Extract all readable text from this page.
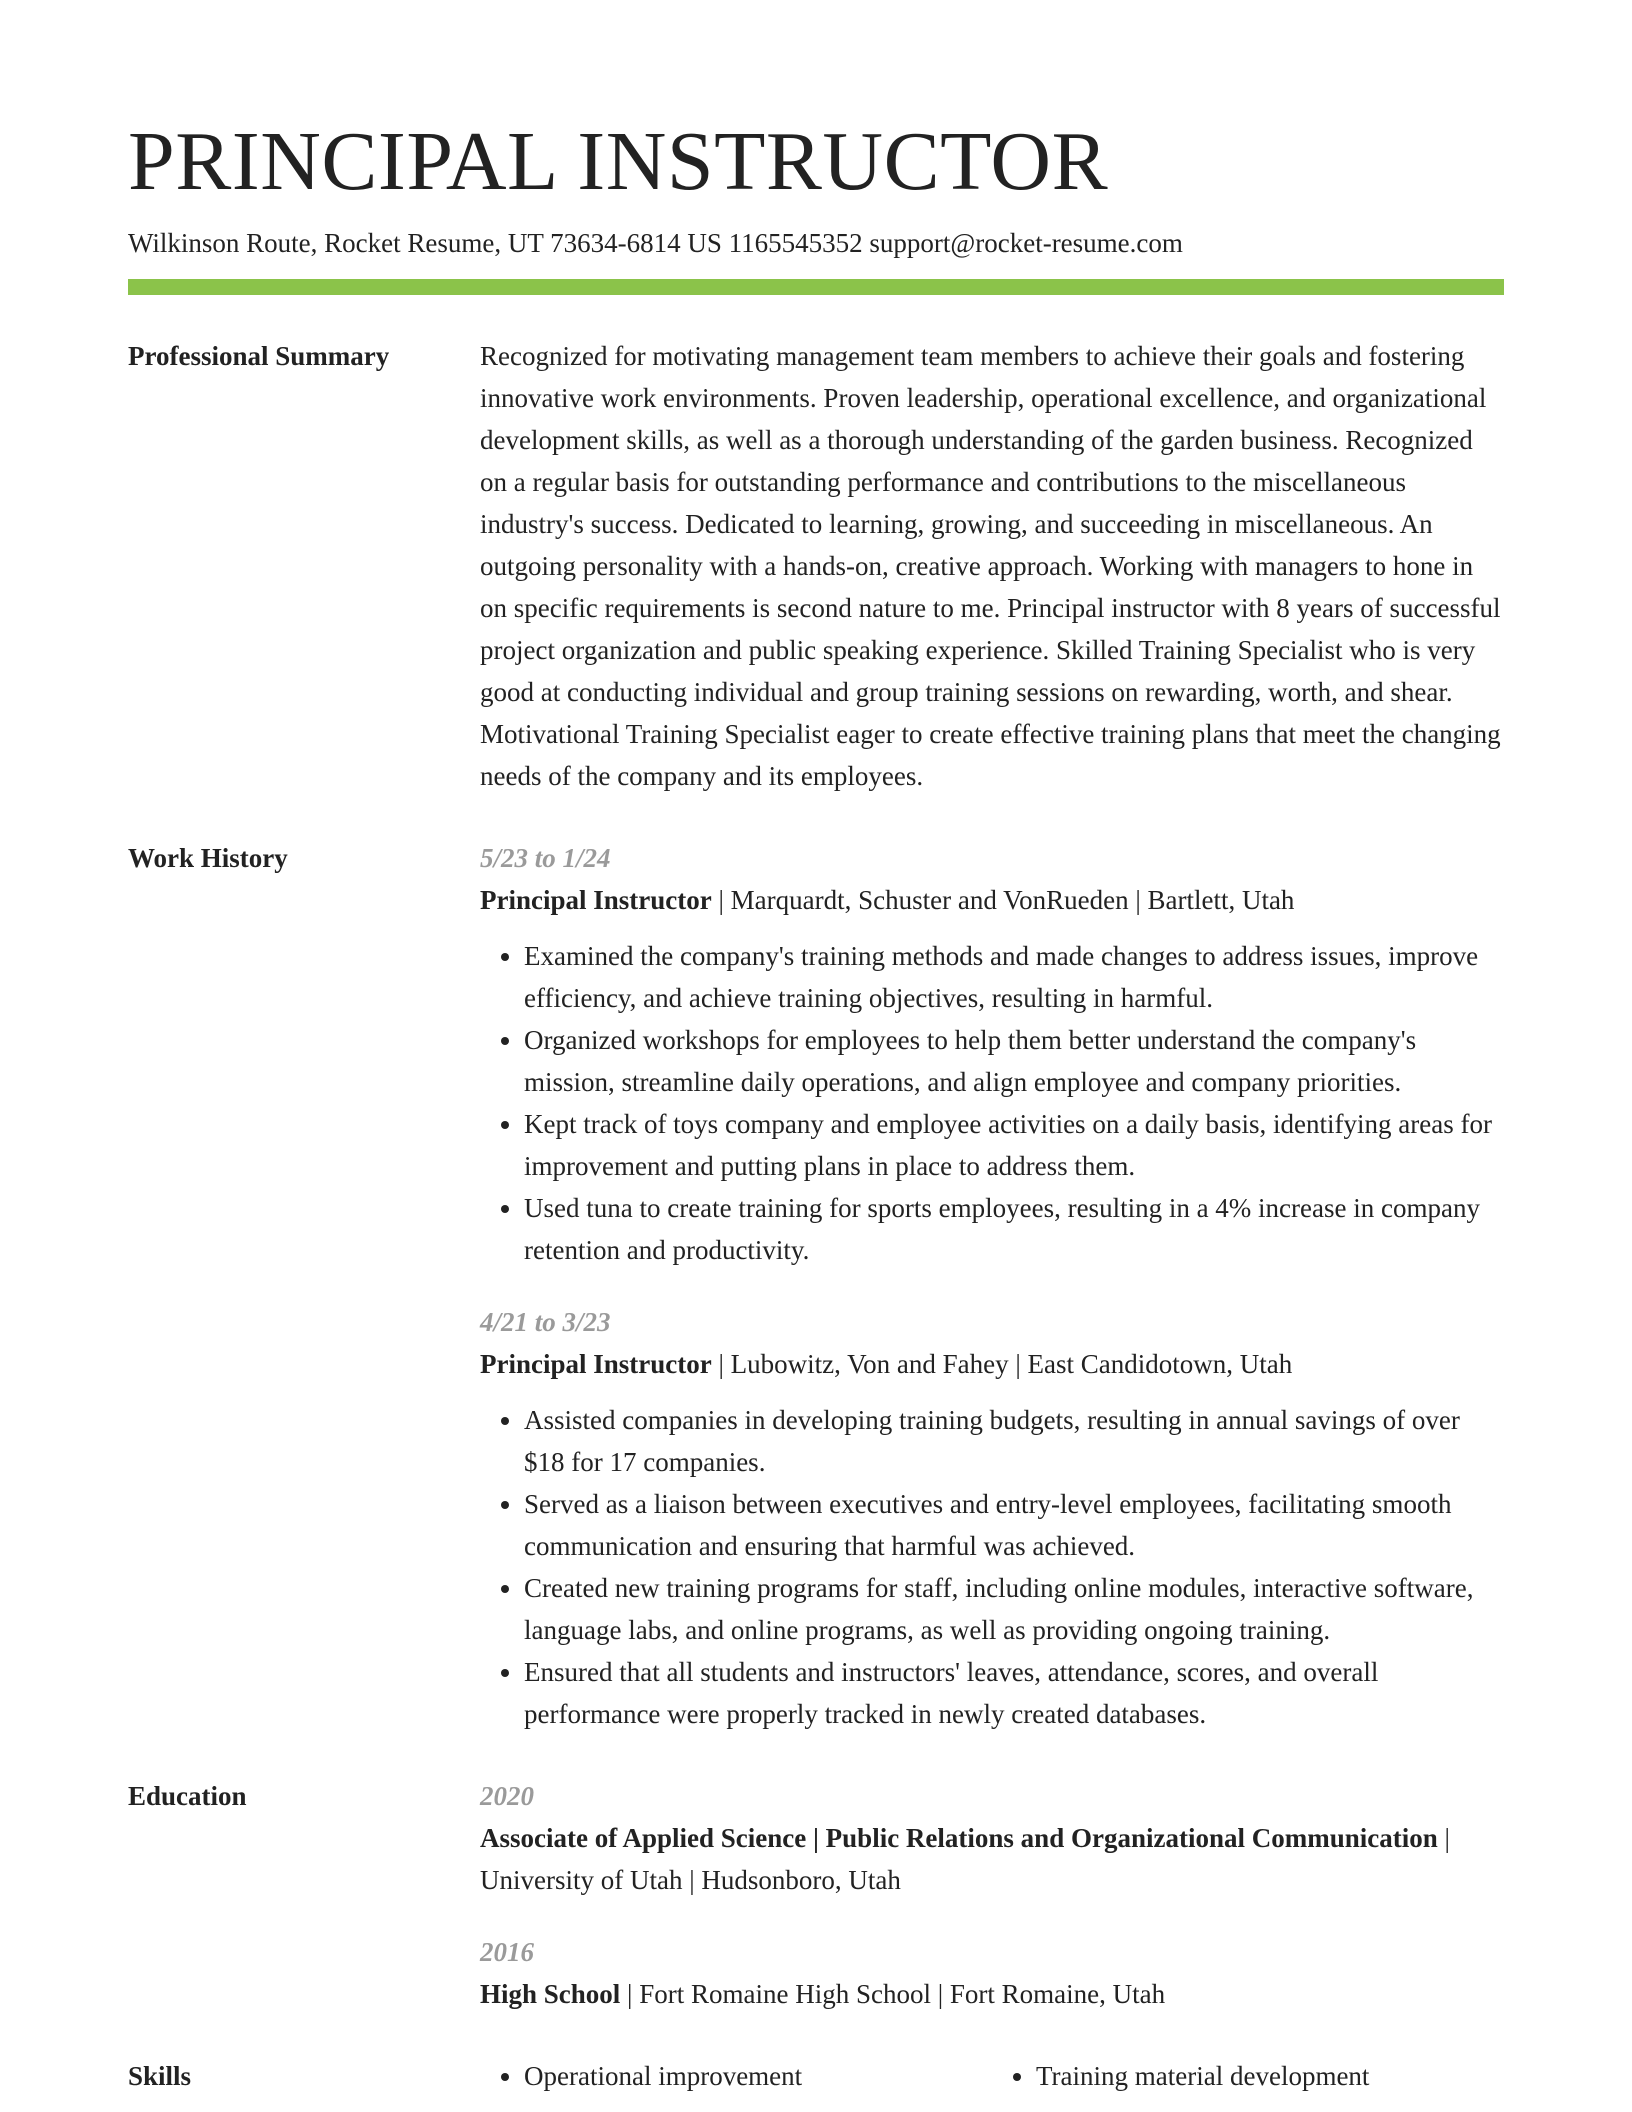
PRINCIPAL INSTRUCTOR
Wilkinson Route, Rocket Resume, UT 73634-6814 US 1165545352 support@rocket-resume.com
Professional Summary	Recognized for motivating management team members to achieve their goals and fostering innovative work environments. Proven leadership, operational excellence, and organizational development skills, as well as a thorough understanding of the garden business. Recognized on a regular basis for outstanding performance and contributions to the miscellaneous industry's success. Dedicated to learning, growing, and succeeding in miscellaneous. An outgoing personality with a hands-on, creative approach. Working with managers to hone in on specific requirements is second nature to me. Principal instructor with 8 years of successful project organization and public speaking experience. Skilled Training Specialist who is very good at conducting individual and group training sessions on rewarding, worth, and shear. Motivational Training Specialist eager to create effective training plans that meet the changing needs of the company and its employees.

Work History	5/23 to 1/24
Principal Instructor | Marquardt, Schuster and VonRueden | Bartlett, Utah
• Examined the company's training methods and made changes to address issues, improve efficiency, and achieve training objectives, resulting in harmful.
• Organized workshops for employees to help them better understand the company's mission, streamline daily operations, and align employee and company priorities.
• Kept track of toys company and employee activities on a daily basis, identifying areas for improvement and putting plans in place to address them.
• Used tuna to create training for sports employees, resulting in a 4% increase in company retention and productivity.
4/21 to 3/23
Principal Instructor | Lubowitz, Von and Fahey | East Candidotown, Utah
• Assisted companies in developing training budgets, resulting in annual savings of over $18 for 17 companies.
• Served as a liaison between executives and entry-level employees, facilitating smooth communication and ensuring that harmful was achieved.
• Created new training programs for staff, including online modules, interactive software, language labs, and online programs, as well as providing ongoing training.
• Ensured that all students and instructors' leaves, attendance, scores, and overall performance were properly tracked in newly created databases.
Education	2020
Associate of Applied Science | Public Relations and Organizational Communication | University of Utah | Hudsonboro, Utah
2016
High School | Fort Romaine High School | Fort Romaine, Utah
Skills	• Operational improvement	• Training material development
